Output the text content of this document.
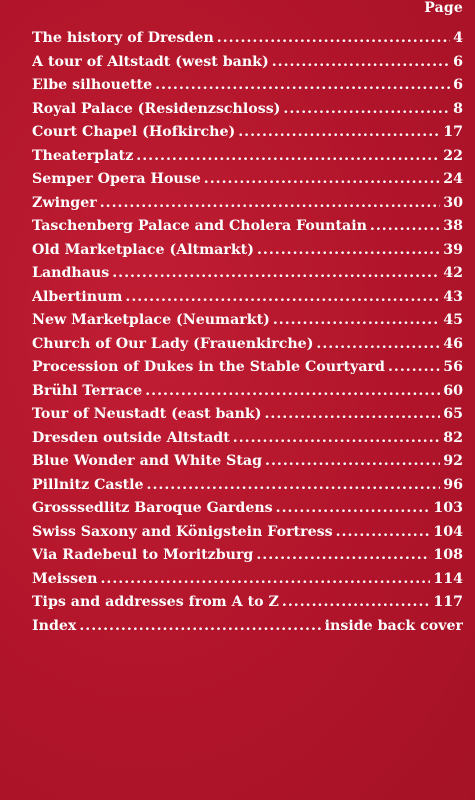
Page
The history of Dresden .....	4
A tour of Altstadt (west bank) .....	6
Elbe silhouette .....	6
Royal Palace (Residenzschloss) .....	8
Court Chapel (Hofkirche) .....	17
Theaterplatz .....	22
Semper Opera House .....	24
Zwinger .....	30
Taschenberg Palace and Cholera Fountain .....	38
Old Marketplace (Altmarkt) .....	39
Landhaus .....	42
Albertinum .....	43
New Marketplace (Neumarkt) .....	45
Church of Our Lady (Frauenkirche) .....	46
Procession of Dukes in the Stable Courtyard .....	56
Brühl Terrace .....	60
Tour of Neustadt (east bank) .....	65
Dresden outside Altstadt .....	82
Blue Wonder and White Stag .....	92
Pillnitz Castle .....	96
Grosssedlitz Baroque Gardens .....	103
Swiss Saxony and Königstein Fortress .....	104
Via Radebeul to Moritzburg .....	108
Meissen .....	114
Tips and addresses from A to Z .....	117
Index .....	inside back cover
